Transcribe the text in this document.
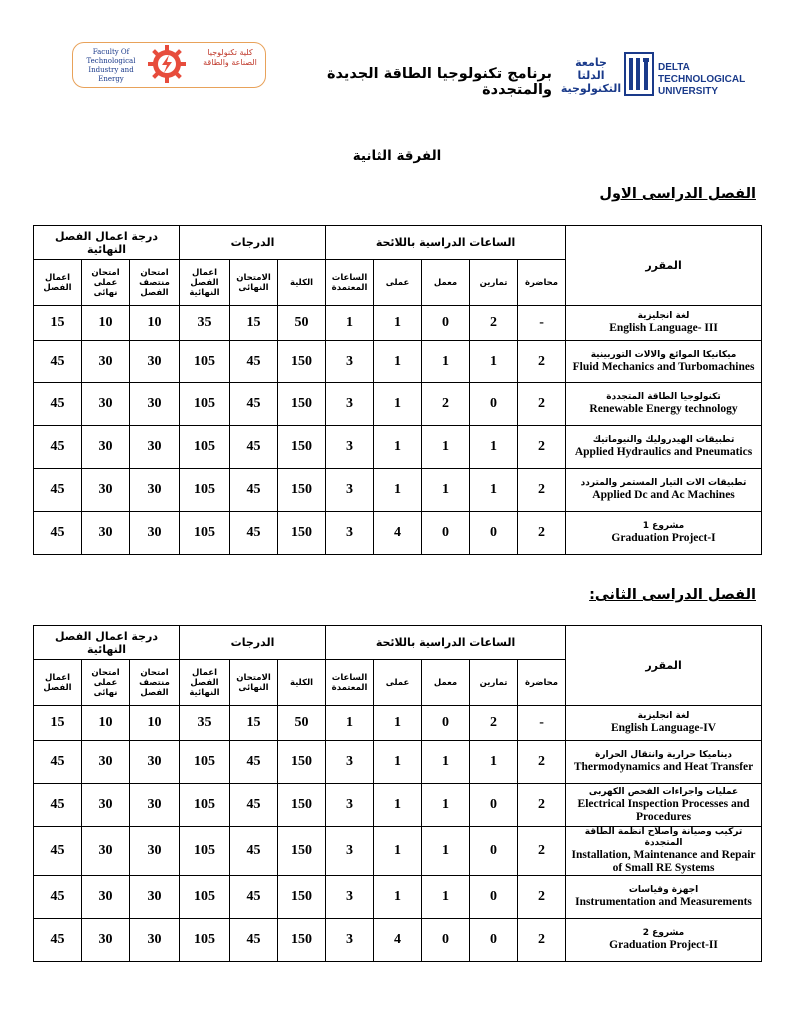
Faculty Of Technological Industry and Energy
كلية تكنولوجيا الصناعة والطاقة
برنامج تكنولوجيا الطاقة الجديدة والمتجددة
جامعة الدلتا التكنولوجية
DELTA TECHNOLOGICAL UNIVERSITY
الفرقة الثانية
الفصل الدراسى الاول
درجة اعمال الفصل النهائية			الدرجات			الساعات الدراسية باللائحة					المقرر
اعمال الفصل	امتحان عملى نهائى	امتحان منتصف الفصل	اعمال الفصل النهائية	الامتحان النهائى	الكلية	الساعات المعتمدة	عملى	معمل	تمارين	محاضرة	
15	10	10	35	15	50	1	1	0	2	-	لغة انجليزية
English Language- III

45	30	30	105	45	150	3	1	1	1	2	ميكانيكا الموائع والالات التوربينية
Fluid Mechanics and Turbomachines

45	30	30	105	45	150	3	1	2	0	2	تكنولوجيا الطاقة المتجددة
Renewable Energy technology

45	30	30	105	45	150	3	1	1	1	2	تطبيقات الهيدروليك والنيوماتيك
Applied Hydraulics and Pneumatics

45	30	30	105	45	150	3	1	1	1	2	تطبيقات الات التيار المستمر والمتردد
Applied Dc and Ac Machines

45	30	30	105	45	150	3	4	0	0	2	مشروع 1
Graduation Project-I
الفصل الدراسى الثانى:
درجة اعمال الفصل النهائية			الدرجات			الساعات الدراسية باللائحة					المقرر
اعمال الفصل	امتحان عملى نهائى	امتحان منتصف الفصل	اعمال الفصل النهائية	الامتحان النهائى	الكلية	الساعات المعتمدة	عملى	معمل	تمارين	محاضرة	
15	10	10	35	15	50	1	1	0	2	-	لغة انجليزية
English Language-IV

45	30	30	105	45	150	3	1	1	1	2	ديناميكا حرارية وانتقال الحرارة
Thermodynamics and Heat Transfer

45	30	30	105	45	150	3	1	1	0	2	عمليات واجراءات الفحص الكهربى
Electrical Inspection Processes and Procedures

45	30	30	105	45	150	3	1	1	0	2	تركيب وصيانة واصلاح انظمة الطاقة المتجددة
Installation, Maintenance and Repair of Small RE Systems

45	30	30	105	45	150	3	1	1	0	2	اجهزة وقياسات
Instrumentation and Measurements

45	30	30	105	45	150	3	4	0	0	2	مشروع 2
Graduation Project-II
